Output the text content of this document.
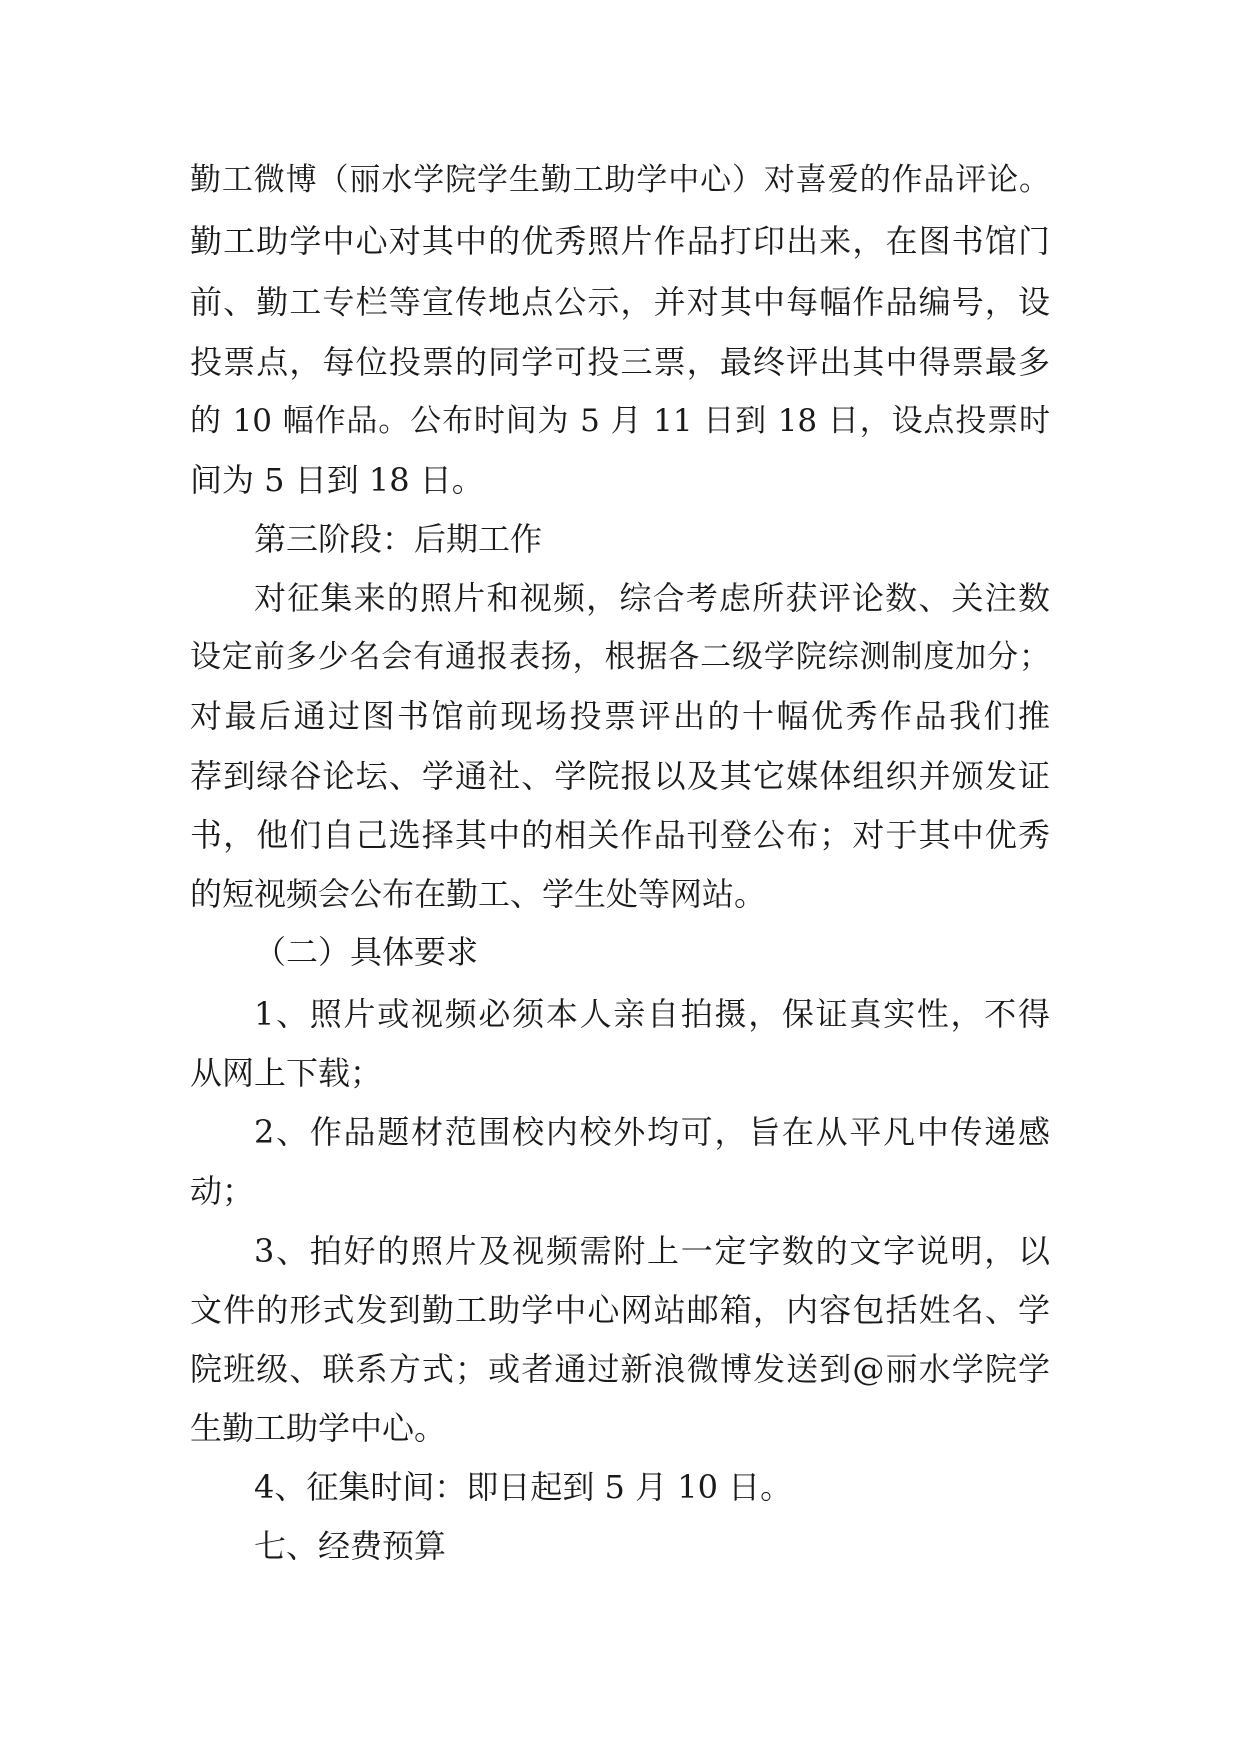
勤工微博（丽水学院学生勤工助学中心）对喜爱的作品评论。
勤工助学中心对其中的优秀照片作品打印出来，在图书馆门
前、勤工专栏等宣传地点公示，并对其中每幅作品编号，设
投票点，每位投票的同学可投三票，最终评出其中得票最多
的 10 幅作品。公布时间为 5 月 11 日到 18 日，设点投票时
间为 5 日到 18 日。
第三阶段：后期工作
对征集来的照片和视频，综合考虑所获评论数、关注数
设定前多少名会有通报表扬，根据各二级学院综测制度加分；
对最后通过图书馆前现场投票评出的十幅优秀作品我们推
荐到绿谷论坛、学通社、学院报以及其它媒体组织并颁发证
书，他们自己选择其中的相关作品刊登公布；对于其中优秀
的短视频会公布在勤工、学生处等网站。
（二）具体要求
1、照片或视频必须本人亲自拍摄，保证真实性，不得
从网上下载；
2、作品题材范围校内校外均可，旨在从平凡中传递感
动；
3、拍好的照片及视频需附上一定字数的文字说明，以
文件的形式发到勤工助学中心网站邮箱，内容包括姓名、学
院班级、联系方式；或者通过新浪微博发送到@丽水学院学
生勤工助学中心。
4、征集时间：即日起到 5 月 10 日。
七、经费预算
